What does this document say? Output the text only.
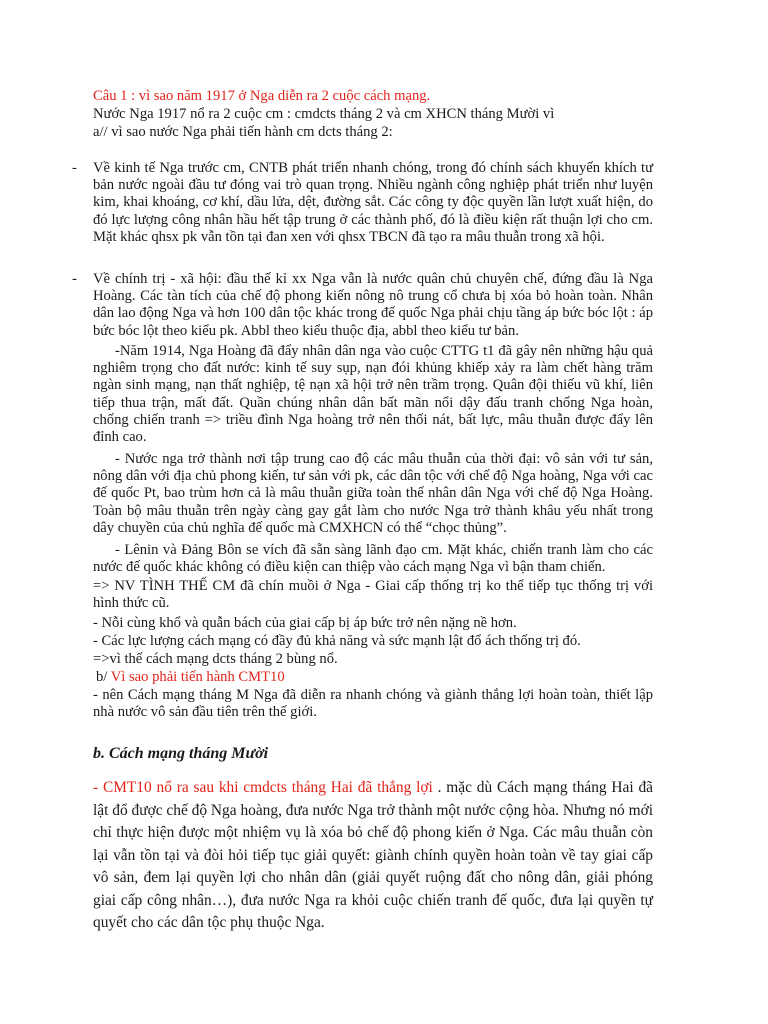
Câu 1 : vì sao năm 1917 ở Nga diễn ra 2 cuộc cách mạng.
Nước Nga 1917 nổ ra 2 cuộc cm : cmdcts tháng 2 và cm XHCN tháng Mười vì
a// vì sao nước Nga phải tiến hành cm dcts tháng 2:
- Về kinh tế Nga trước cm, CNTB phát triển nhanh chóng, trong đó chính sách khuyến khích tư bản nước ngoài đầu tư đóng vai trò quan trọng. Nhiều ngành công nghiệp phát triển như luyện kim, khai khoáng, cơ khí, dầu lửa, dệt, đường sắt. Các công ty độc quyền lần lượt xuất hiện, do đó lực lượng công nhân hầu hết tập trung ở các thành phố, đó là điều kiện rất thuận lợi cho cm. Mặt khác qhsx pk vẫn tồn tại đan xen với qhsx TBCN đã tạo ra mâu thuẫn trong xã hội.
- Về chính trị - xã hội: đầu thế kỉ xx Nga vẫn là nước quân chủ chuyên chế, đứng đầu là Nga Hoàng. Các tàn tích của chế độ phong kiến nông nô trung cổ chưa bị xóa bỏ hoàn toàn. Nhân dân lao động Nga và hơn 100 dân tộc khác trong đế quốc Nga phải chịu tầng áp bức bóc lột : áp bức bóc lột theo kiểu pk. Abbl theo kiểu thuộc địa, abbl theo kiểu tư bản.
-Năm 1914, Nga Hoàng đã đẩy nhân dân nga vào cuộc CTTG t1 đã gây nên những hậu quả nghiêm trọng cho đất nước: kinh tế suy sụp, nạn đói khủng khiếp xảy ra làm chết hàng trăm ngàn sinh mạng, nạn thất nghiệp, tệ nạn xã hội trở nên trầm trọng. Quân đội thiếu vũ khí, liên tiếp thua trận, mất đất. Quần chúng nhân dân bất mãn nổi dậy đấu tranh chống Nga hoàn, chống chiến tranh => triều đình Nga hoàng trở nên thối nát, bất lực, mâu thuẫn được đẩy lên đỉnh cao.
- Nước nga trở thành nơi tập trung cao độ các mâu thuẫn của thời đại: vô sản với tư sản, nông dân với địa chủ phong kiến, tư sản với pk, các dân tộc với chế độ Nga hoàng, Nga với cac đế quốc Pt, bao trùm hơn cả là mâu thuẫn giữa toàn thể nhân dân Nga với chế độ Nga Hoàng. Toàn bộ mâu thuẫn trên ngày càng gay gắt làm cho nước Nga trở thành khâu yếu nhất trong dây chuyền của chủ nghĩa đế quốc mà CMXHCN có thể “chọc thủng”.
- Lênin và Đảng Bôn se vích đã sẵn sàng lãnh đạo cm. Mặt khác, chiến tranh làm cho các nước đế quốc khác không có điều kiện can thiệp vào cách mạng Nga vì bận tham chiến.
=> NV TÌNH THẾ CM đã chín muồi ở Nga - Giai cấp thống trị ko thể tiếp tục thống trị với hình thức cũ.
- Nỗi cùng khổ và quẫn bách của giai cấp bị áp bức trở nên nặng nề hơn.
- Các lực lượng cách mạng có đầy đủ khả năng và sức mạnh lật đổ ách thống trị đó.
=>vì thế cách mạng dcts tháng 2 bùng nổ.
b/ Vì sao phải tiến hành CMT10
- nên Cách mạng tháng M Nga đã diễn ra nhanh chóng và giành thắng lợi hoàn toàn, thiết lập nhà nước vô sản đầu tiên trên thế giới.
b. Cách mạng tháng Mười
- CMT10 nổ ra sau khi cmdcts tháng Hai đã thắng lợi . mặc dù Cách mạng tháng Hai đã lật đổ được chế độ Nga hoàng, đưa nước Nga trở thành một nước cộng hòa. Nhưng nó mới chỉ thực hiện được một nhiệm vụ là xóa bỏ chế độ phong kiến ở Nga. Các mâu thuẫn còn lại vẫn tồn tại và đòi hỏi tiếp tục giải quyết: giành chính quyền hoàn toàn về tay giai cấp vô sản, đem lại quyền lợi cho nhân dân (giải quyết ruộng đất cho nông dân, giải phóng giai cấp công nhân…), đưa nước Nga ra khỏi cuộc chiến tranh đế quốc, đưa lại quyền tự quyết cho các dân tộc phụ thuộc Nga.
